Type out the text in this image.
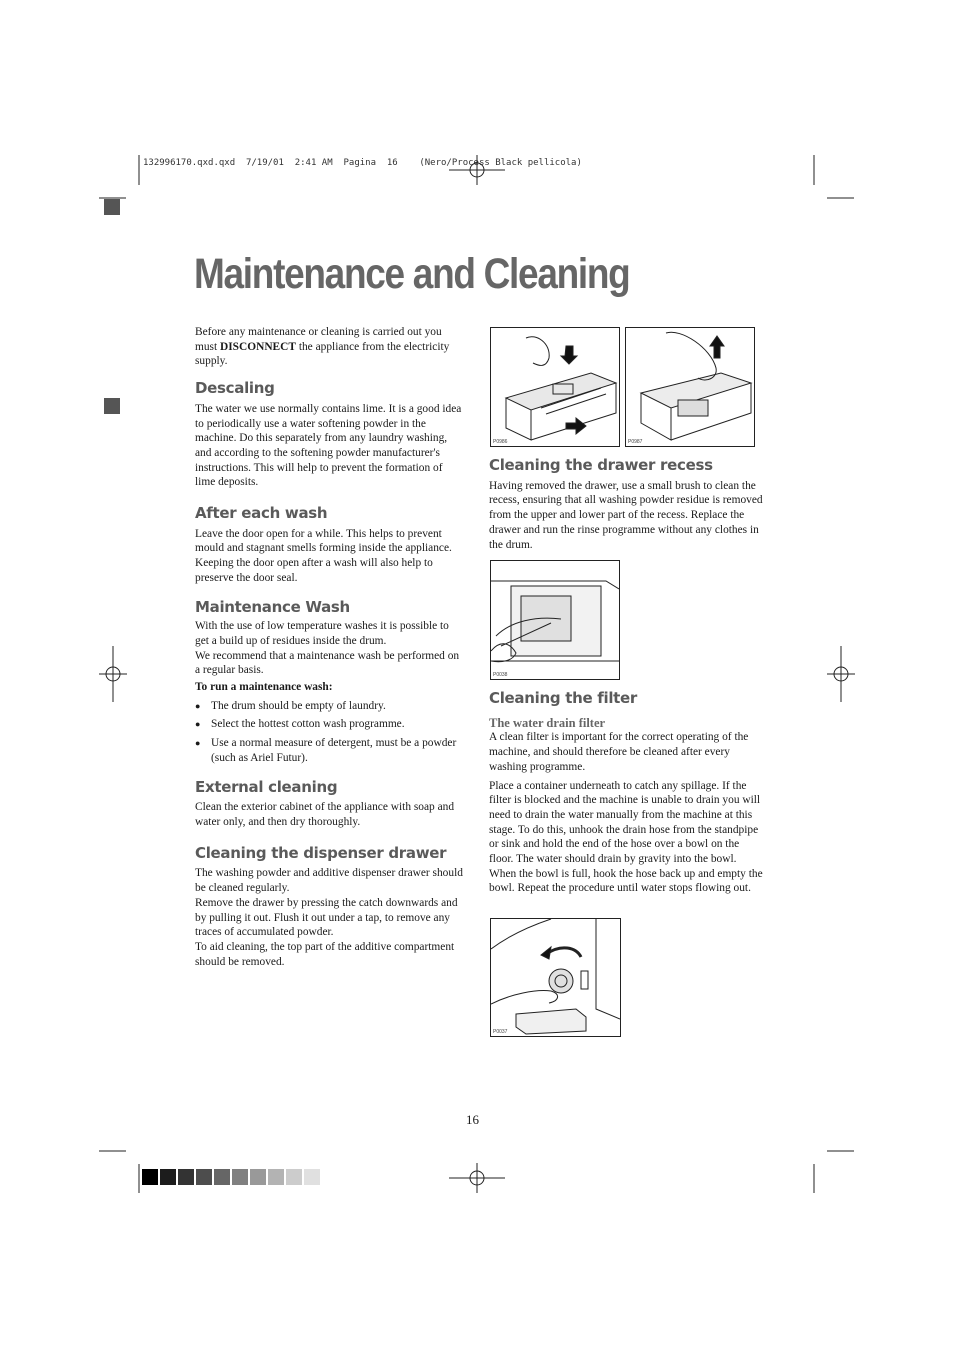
132996170.qxd.qxd  7/19/01  2:41 AM  Pagina  16    (Nero/Process Black pellicola)
Maintenance and Cleaning

Before any maintenance or cleaning is carried out you must DISCONNECT the appliance from the electricity supply.

Descaling

The water we use normally contains lime. It is a good idea to periodically use a water softening powder in the machine. Do this separately from any laundry washing, and according to the softening powder manufacturer's instructions. This will help to prevent the formation of lime deposits.

After each wash

Leave the door open for a while. This helps to prevent mould and stagnant smells forming inside the appliance. Keeping the door open after a wash will also help to preserve the door seal.

Maintenance Wash

With the use of low temperature washes it is possible to get a build up of residues inside the drum.

We recommend that a maintenance wash be performed on a regular basis.

To run a maintenance wash:

● The drum should be empty of laundry.
● Select the hottest cotton wash programme.
● Use a normal measure of detergent, must be a powder (such as Ariel Futur).
External cleaning

Clean the exterior cabinet of the appliance with soap and water only, and then dry thoroughly.

Cleaning the dispenser drawer

The washing powder and additive dispenser drawer should be cleaned regularly.

Remove the drawer by pressing the catch downwards and by pulling it out. Flush it out under a tap, to remove any traces of accumulated powder.

To aid cleaning, the top part of the additive compartment should be removed.

P0986	P0987
Cleaning the drawer recess

Having removed the drawer, use a small brush to clean the recess, ensuring that all washing powder residue is removed from the upper and lower part of the recess. Replace the drawer and run the rinse programme without any clothes in the drum.

P0038
Cleaning the filter
The water drain filter

A clean filter is important for the correct operating of the machine, and should therefore be cleaned after every washing programme.

Place a container underneath to catch any spillage. If the filter is blocked and the machine is unable to drain you will need to drain the water manually from the machine at this stage. To do this, unhook the drain hose from the standpipe or sink and hold the end of the hose over a bowl on the floor. The water should drain by gravity into the bowl. When the bowl is full, hook the hose back up and empty the bowl. Repeat the procedure until water stops flowing out.

P0037
16
